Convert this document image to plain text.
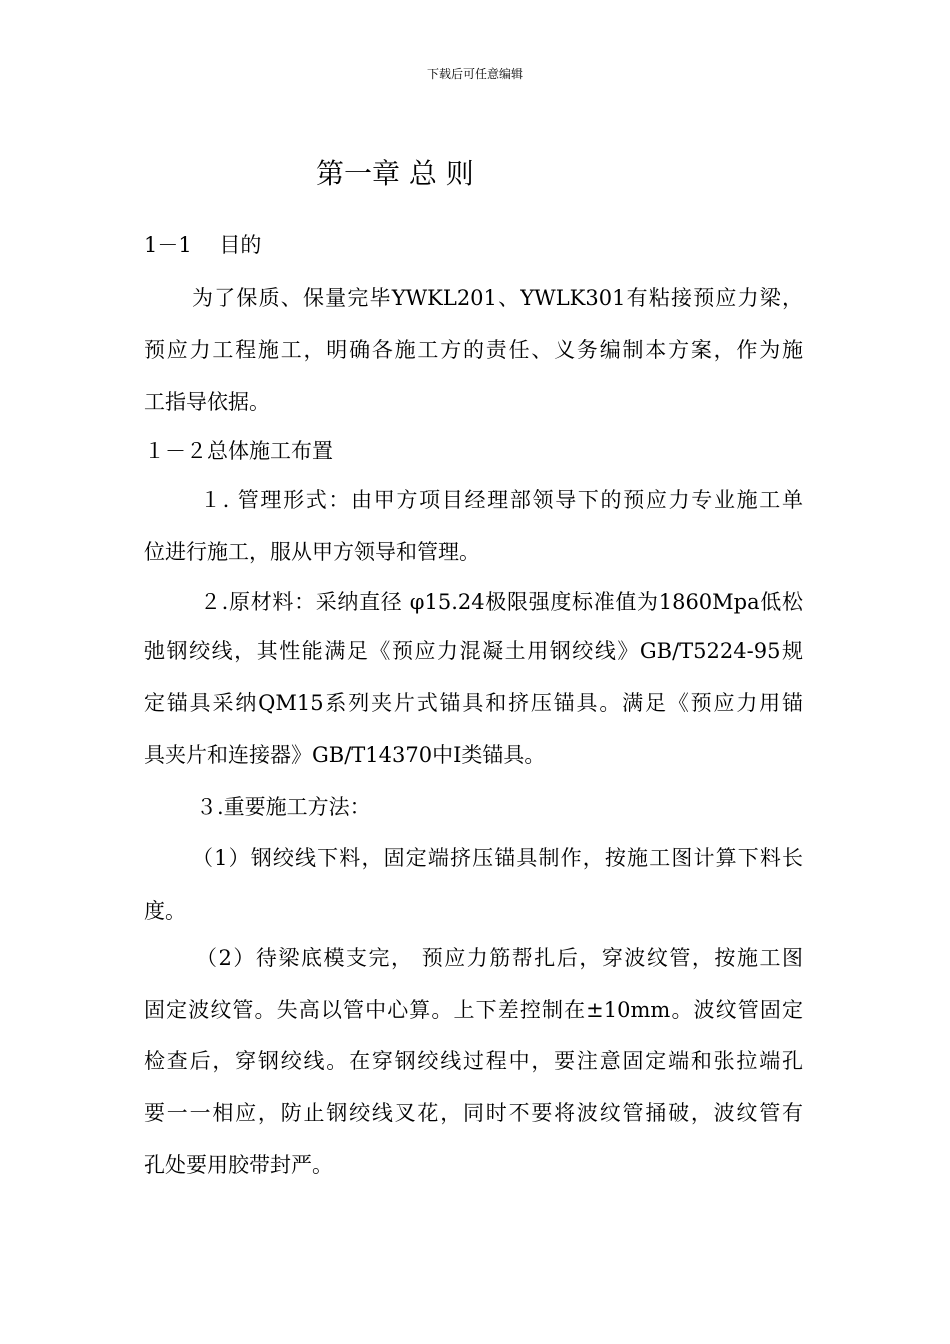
下载后可任意编辑
第一章 总 则
1－1 　目的
为了保质、保量完毕YWKL201、YWLK301有粘接预应力梁，
预应力工程施工，明确各施工方的责任、义务编制本方案，作为施
工指导依据。
１－２总体施工布置
１. 管理形式：由甲方项目经理部领导下的预应力专业施工单
位进行施工，服从甲方领导和管理。
２.原材料：采纳直径 φ15.24极限强度标准值为1860Mpa低松
弛钢绞线，其性能满足《预应力混凝土用钢绞线》GB/T5224-95规
定锚具采纳QM15系列夹片式锚具和挤压锚具。满足《预应力用锚
具夹片和连接器》GB/T14370中Ⅰ类锚具。
３.重要施工方法：
（1）钢绞线下料，固定端挤压锚具制作，按施工图计算下料长
度。
（2）待梁底模支完， 预应力筋帮扎后，穿波纹管，按施工图
固定波纹管。失高以管中心算。上下差控制在±10mm。波纹管固定
检查后，穿钢绞线。在穿钢绞线过程中，要注意固定端和张拉端孔
要一一相应，防止钢绞线叉花，同时不要将波纹管捅破，波纹管有
孔处要用胶带封严。
